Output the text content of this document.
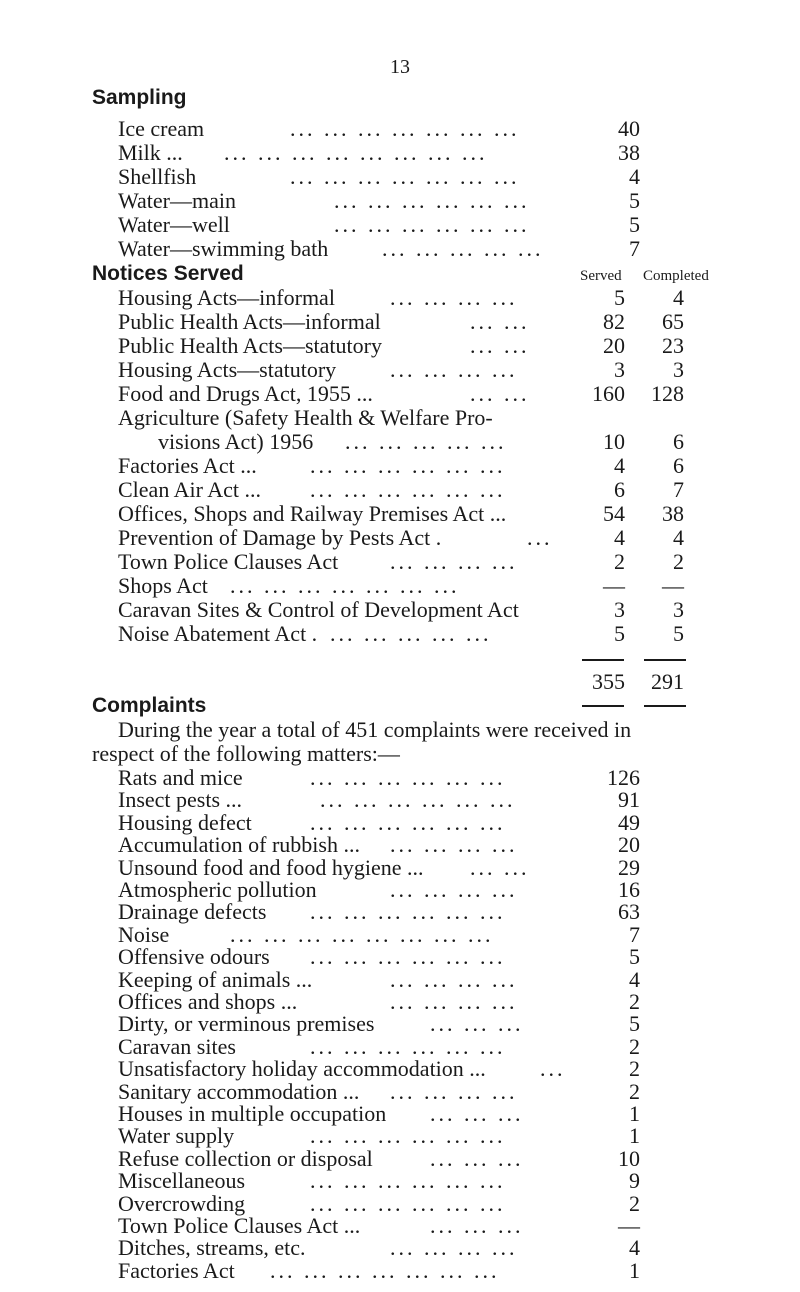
13
Sampling
Ice cream	... ... ... ... ... ... ...	40
Milk ... ... ... ... ... ... ... ... ...	38
Shellfish	... ... ... ... ... ... ...	4
Water—main	... ... ... ... ... ...	5
Water—well	... ... ... ... ... ...	5
Water—swimming bath ... ... ... ... ...	7
Notices Served	Served Completed
Housing Acts—informal	... ... ... ...	5	4
Public Health Acts—informal	... ...	82	65
Public Health Acts—statutory	... ...	20	23
Housing Acts—statutory ... ... ... ...	3	3
Food and Drugs Act, 1955 ...	... ...	160	128
Agriculture (Safety Health & Welfare Pro-
visions Act) 1956 ... ... ... ... ...	10	6
Factories Act ... ... ... ... ... ... ...	4	6
Clean Air Act ... ... ... ... ... ... ...	6	7
Offices, Shops and Railway Premises Act ...	54	38
Prevention of Damage by Pests Act .	...	4	4
Town Police Clauses Act ... ... ... ...	2	2
Shops Act ... ... ... ... ... ... ...	—	—
Caravan Sites & Control of Development Act	3	3
Noise Abatement Act . ... ... ... ... ...	5	5
355	291
Complaints
During the year a total of 451 complaints were received in
respect of the following matters:—
Rats and mice	... ... ... ... ... ...	126
Insect pests ...	... ... ... ... ... ...	91
Housing defect	... ... ... ... ... ...	49
Accumulation of rubbish ... ... ... ... ...	20
Unsound food and food hygiene ... ... ...	29
Atmospheric pollution	... ... ... ...	16
Drainage defects ... ... ... ... ... ...	63
Noise	... ... ... ... ... ... ... ...	7
Offensive odours ... ... ... ... ... ...	5
Keeping of animals ...	... ... ... ...	4
Offices and shops ...	... ... ... ...	2
Dirty, or verminous premises	... ... ...	5
Caravan sites	... ... ... ... ... ...	2
Unsatisfactory holiday accommodation ... ...	2
Sanitary accommodation ... ... ... ... ...	2
Houses in multiple occupation ... ... ...	1
Water supply	... ... ... ... ... ...	1
Refuse collection or disposal	... ... ...	10
Miscellaneous	... ... ... ... ... ...	9
Overcrowding	... ... ... ... ... ...	2
Town Police Clauses Act ...	... ... ...	—
Ditches, streams, etc.	... ... ... ...	4
Factories Act ... ... ... ... ... ... ...	1
